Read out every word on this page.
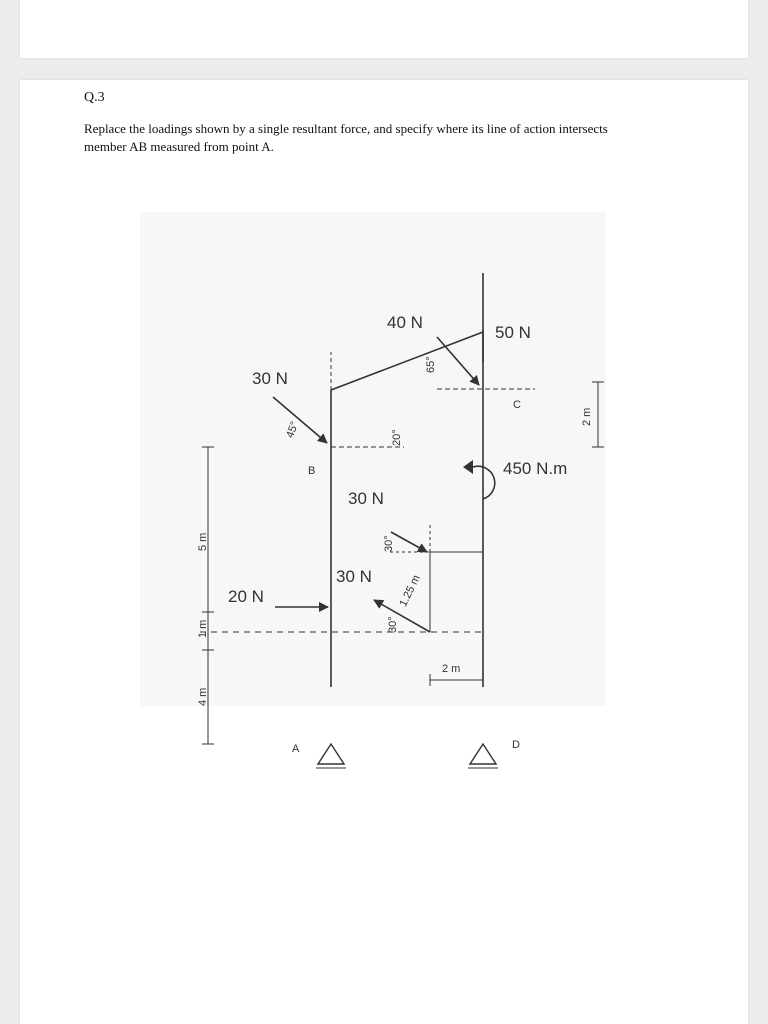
Q.3
Replace the loadings shown by a single resultant force, and specify where its line of action intersects member AB measured from point A.
40 N
50 N
30 N
30 N
30 N
20 N
450 N.m
65°
45°	20°
30°
30°
B
C
A	D
5 m
1 m
4 m
2 m
2 m
1.25 m
